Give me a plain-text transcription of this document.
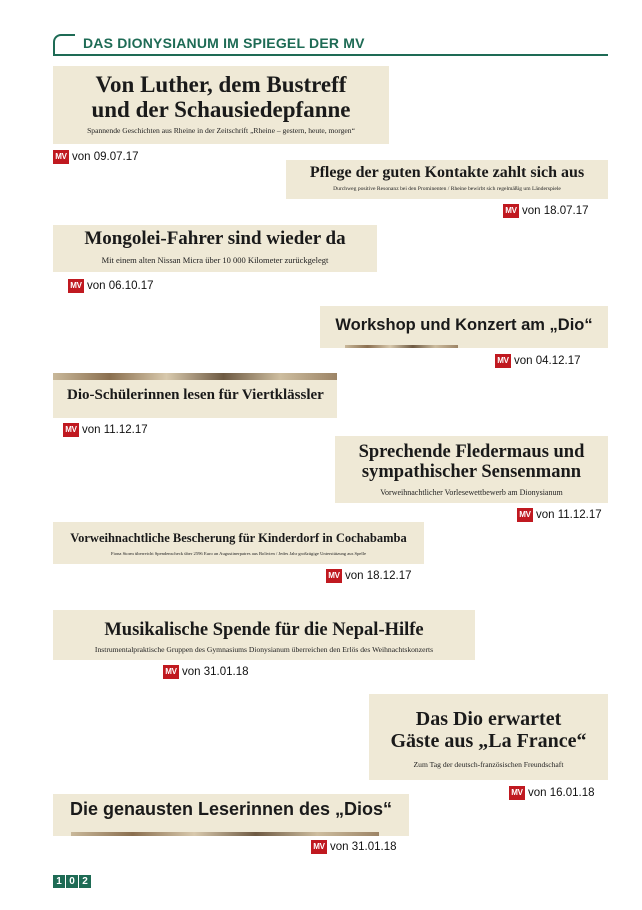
DAS DIONYSIANUM IM SPIEGEL DER MV
Von Luther, dem Bustreff
und der Schausiedepfanne
Spannende Geschichten aus Rheine in der Zeitschrift „Rheine – gestern, heute, morgen“
MV von 09.07.17
Pflege der guten Kontakte zahlt sich aus
Durchweg positive Resonanz bei den Prominenten / Rheine bewirbt sich regelmäßig um Länderspiele
MV von 18.07.17
Mongolei-Fahrer sind wieder da
Mit einem alten Nissan Micra über 10 000 Kilometer zurückgelegt
MV von 06.10.17
Workshop und Konzert am „Dio“
MV von 04.12.17
Dio-Schülerinnen lesen für Viertklässler
MV von 11.12.17
Sprechende Fledermaus und
sympathischer Sensenmann
Vorweihnachtlicher Vorlesewettbewerb am Dionysianum
MV von 11.12.17
Vorweihnachtliche Bescherung für Kinderdorf in Cochabamba
Fiona Storm überreicht Spendenscheck über 2596 Euro an Augustinerpatres aus Bolivien / Jedes Jahr großzügige Unterstützung aus Spelle
MV von 18.12.17
Musikalische Spende für die Nepal-Hilfe
Instrumentalpraktische Gruppen des Gymnasiums Dionysianum überreichen den Erlös des Weihnachtskonzerts
MV von 31.01.18
Das Dio erwartet
Gäste aus „La France“
Zum Tag der deutsch-französischen Freundschaft
MV von 16.01.18
Die genausten Leserinnen des „Dios“
MV von 31.01.18
1 0 2
